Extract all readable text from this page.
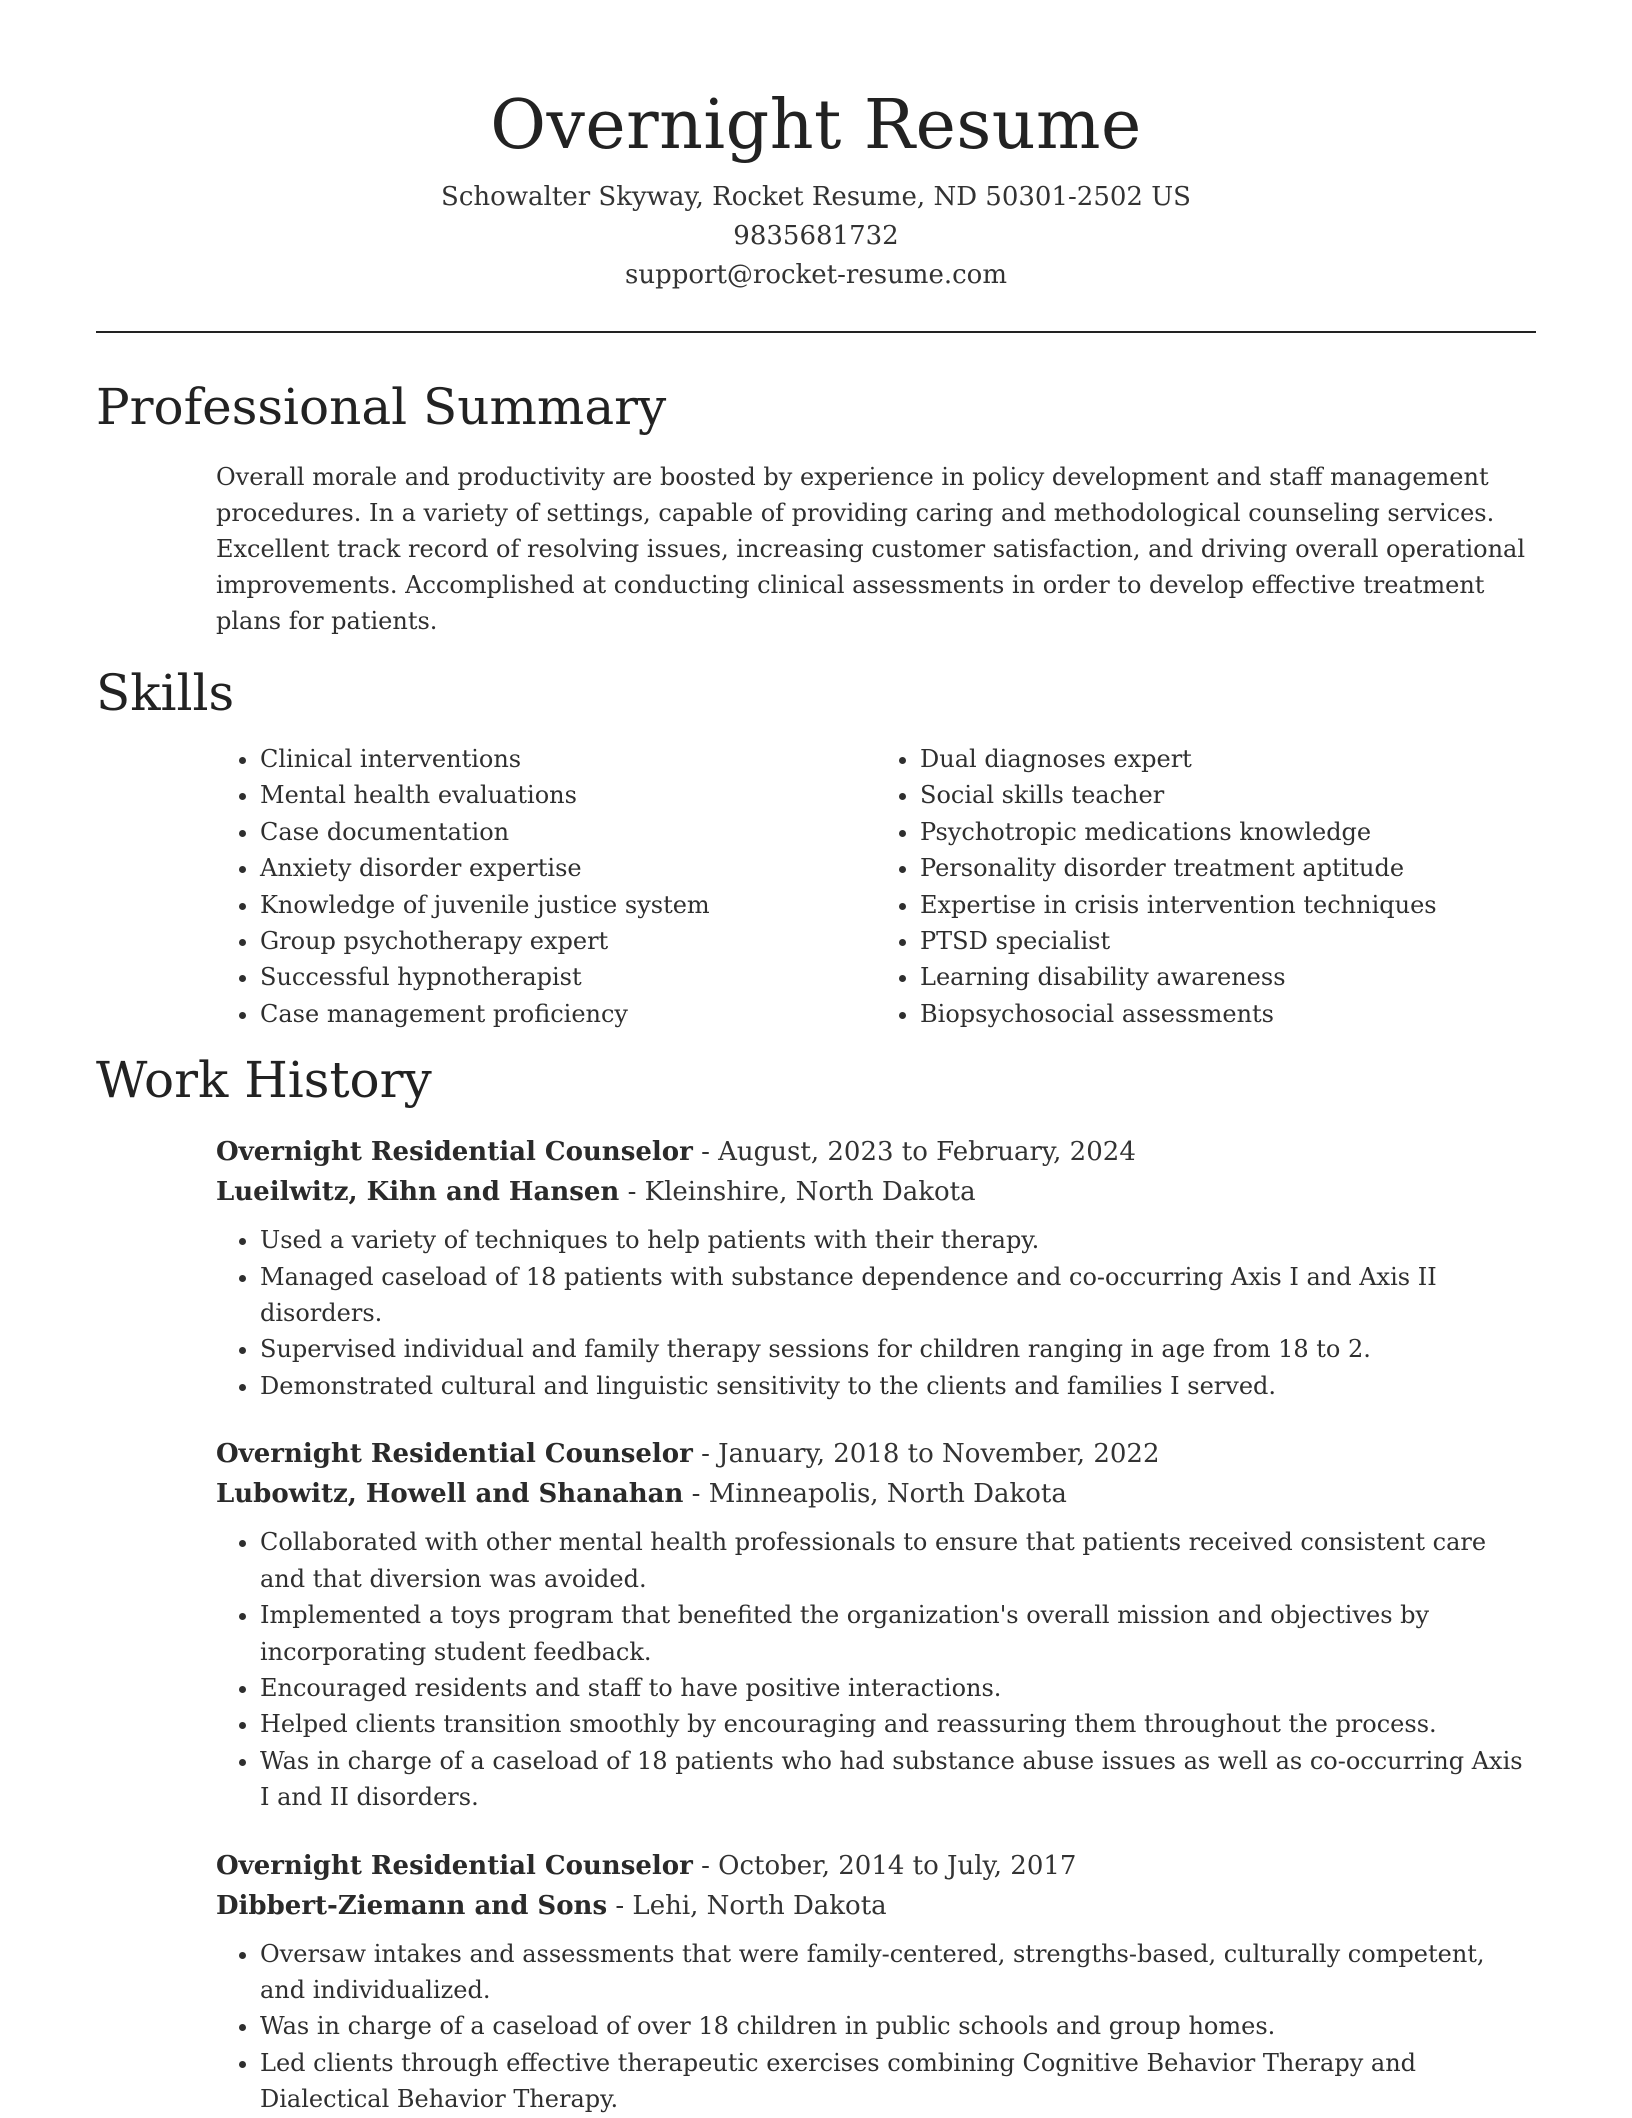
Overnight Resume
Schowalter Skyway, Rocket Resume, ND 50301-2502 US
9835681732
support@rocket-resume.com
Professional Summary

Overall morale and productivity are boosted by experience in policy development and staff management procedures. In a variety of settings, capable of providing caring and methodological counseling services. Excellent track record of resolving issues, increasing customer satisfaction, and driving overall operational improvements. Accomplished at conducting clinical assessments in order to develop effective treatment plans for patients.

Skills
• Clinical interventions
• Mental health evaluations
• Case documentation
• Anxiety disorder expertise
• Knowledge of juvenile justice system
• Group psychotherapy expert
• Successful hypnotherapist
• Case management proficiency
• Dual diagnoses expert
• Social skills teacher
• Psychotropic medications knowledge
• Personality disorder treatment aptitude
• Expertise in crisis intervention techniques
• PTSD specialist
• Learning disability awareness
• Biopsychosocial assessments
Work History
Overnight Residential Counselor - August, 2023 to February, 2024
Lueilwitz, Kihn and Hansen - Kleinshire, North Dakota
• Used a variety of techniques to help patients with their therapy.
• Managed caseload of 18 patients with substance dependence and co-occurring Axis I and Axis II disorders.
• Supervised individual and family therapy sessions for children ranging in age from 18 to 2.
• Demonstrated cultural and linguistic sensitivity to the clients and families I served.
Overnight Residential Counselor - January, 2018 to November, 2022
Lubowitz, Howell and Shanahan - Minneapolis, North Dakota
• Collaborated with other mental health professionals to ensure that patients received consistent care and that diversion was avoided.
• Implemented a toys program that benefited the organization's overall mission and objectives by incorporating student feedback.
• Encouraged residents and staff to have positive interactions.
• Helped clients transition smoothly by encouraging and reassuring them throughout the process.
• Was in charge of a caseload of 18 patients who had substance abuse issues as well as co-occurring Axis I and II disorders.
Overnight Residential Counselor - October, 2014 to July, 2017
Dibbert-Ziemann and Sons - Lehi, North Dakota
• Oversaw intakes and assessments that were family-centered, strengths-based, culturally competent, and individualized.
• Was in charge of a caseload of over 18 children in public schools and group homes.
• Led clients through effective therapeutic exercises combining Cognitive Behavior Therapy and Dialectical Behavior Therapy.
